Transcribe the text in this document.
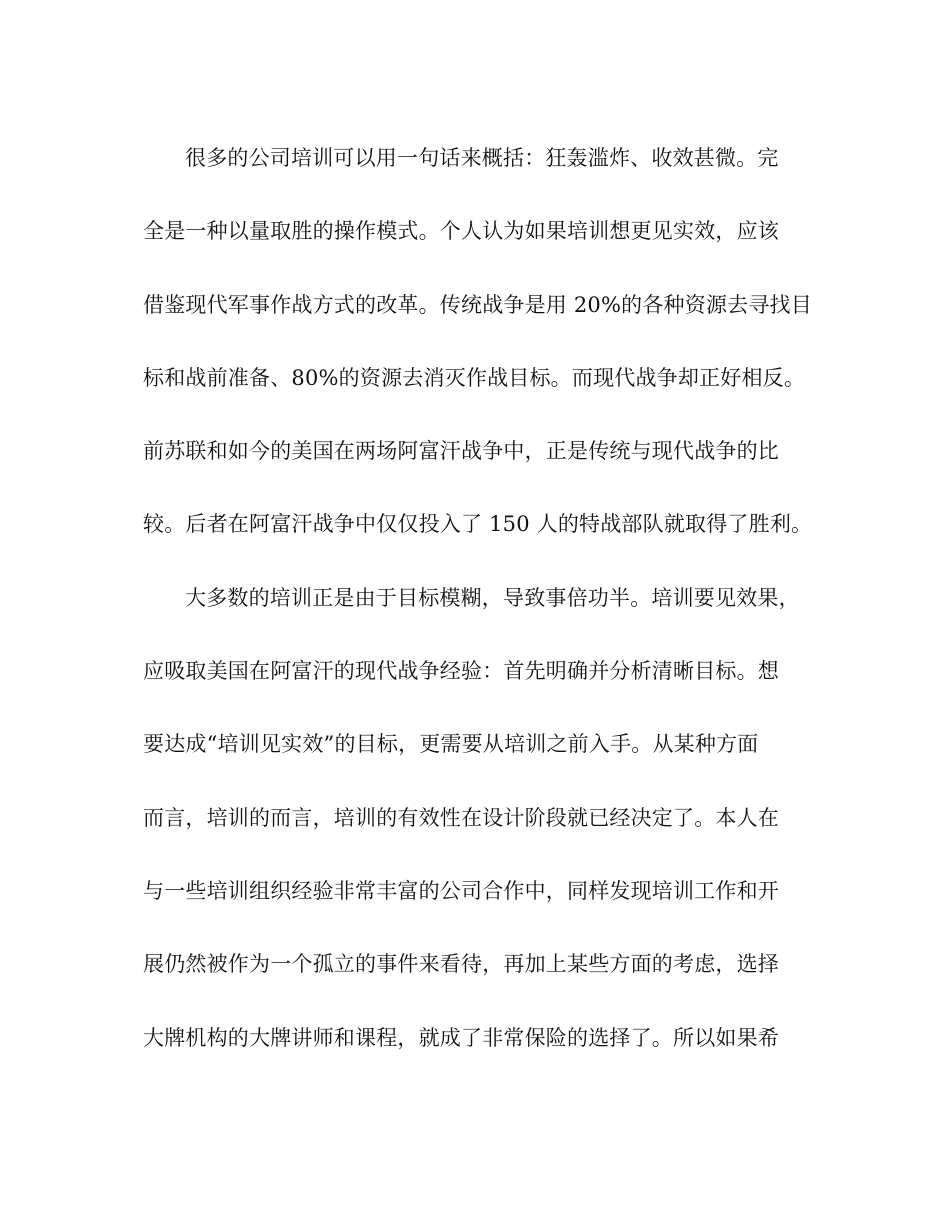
很多的公司培训可以用一句话来概括：狂轰滥炸、收效甚微。完
全是一种以量取胜的操作模式。个人认为如果培训想更见实效，应该
借鉴现代军事作战方式的改革。传统战争是用 20%的各种资源去寻找目
标和战前准备、80%的资源去消灭作战目标。而现代战争却正好相反。
前苏联和如今的美国在两场阿富汗战争中，正是传统与现代战争的比
较。后者在阿富汗战争中仅仅投入了 150 人的特战部队就取得了胜利。
大多数的培训正是由于目标模糊，导致事倍功半。培训要见效果，
应吸取美国在阿富汗的现代战争经验：首先明确并分析清晰目标。想
要达成“培训见实效”的目标，更需要从培训之前入手。从某种方面
而言，培训的而言，培训的有效性在设计阶段就已经决定了。本人在
与一些培训组织经验非常丰富的公司合作中，同样发现培训工作和开
展仍然被作为一个孤立的事件来看待，再加上某些方面的考虑，选择
大牌机构的大牌讲师和课程，就成了非常保险的选择了。所以如果希
